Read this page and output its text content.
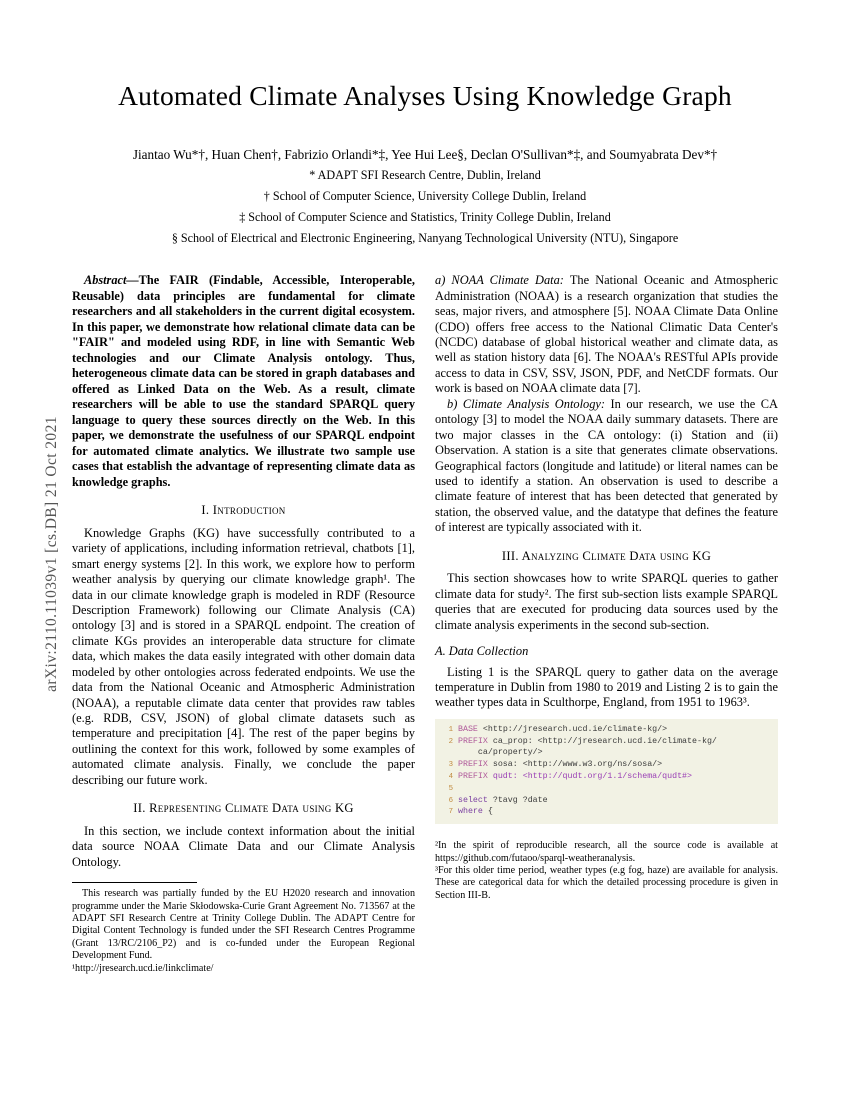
arXiv:2110.11039v1 [cs.DB] 21 Oct 2021
Automated Climate Analyses Using Knowledge Graph
Jiantao Wu*†, Huan Chen†, Fabrizio Orlandi*‡, Yee Hui Lee§, Declan O'Sullivan*‡, and Soumyabrata Dev*†
* ADAPT SFI Research Centre, Dublin, Ireland
† School of Computer Science, University College Dublin, Ireland
‡ School of Computer Science and Statistics, Trinity College Dublin, Ireland
§ School of Electrical and Electronic Engineering, Nanyang Technological University (NTU), Singapore
Abstract—The FAIR (Findable, Accessible, Interoperable, Reusable) data principles are fundamental for climate researchers and all stakeholders in the current digital ecosystem. In this paper, we demonstrate how relational climate data can be "FAIR" and modeled using RDF, in line with Semantic Web technologies and our Climate Analysis ontology. Thus, heterogeneous climate data can be stored in graph databases and offered as Linked Data on the Web. As a result, climate researchers will be able to use the standard SPARQL query language to query these sources directly on the Web. In this paper, we demonstrate the usefulness of our SPARQL endpoint for automated climate analytics. We illustrate two sample use cases that establish the advantage of representing climate data as knowledge graphs.
I. Introduction

Knowledge Graphs (KG) have successfully contributed to a variety of applications, including information retrieval, chatbots [1], smart energy systems [2]. In this work, we explore how to perform weather analysis by querying our climate knowledge graph¹. The data in our climate knowledge graph is modeled in RDF (Resource Description Framework) following our Climate Analysis (CA) ontology [3] and is stored in a SPARQL endpoint. The creation of climate KGs provides an interoperable data structure for climate data, which makes the data easily integrated with other domain data modeled by other ontologies across federated endpoints. We use the data from the National Oceanic and Atmospheric Administration (NOAA), a reputable climate data center that provides raw tables (e.g. RDB, CSV, JSON) of global climate datasets such as temperature and precipitation [4]. The rest of the paper begins by outlining the context for this work, followed by some examples of automated climate analysis. Finally, we conclude the paper describing our future work.

II. Representing Climate Data using KG

In this section, we include context information about the initial data source NOAA Climate Data and our Climate Analysis Ontology.

This research was partially funded by the EU H2020 research and innovation programme under the Marie Skłodowska-Curie Grant Agreement No. 713567 at the ADAPT SFI Research Centre at Trinity College Dublin. The ADAPT Centre for Digital Content Technology is funded under the SFI Research Centres Programme (Grant 13/RC/2106_P2) and is co-funded under the European Regional Development Fund.

¹http://jresearch.ucd.ie/linkclimate/

a) NOAA Climate Data: The National Oceanic and Atmospheric Administration (NOAA) is a research organization that studies the seas, major rivers, and atmosphere [5]. NOAA Climate Data Online (CDO) offers free access to the National Climatic Data Center's (NCDC) database of global historical weather and climate data, as well as station history data [6]. The NOAA's RESTful APIs provide access to data in CSV, SSV, JSON, PDF, and NetCDF formats. Our work is based on NOAA climate data [7].

b) Climate Analysis Ontology: In our research, we use the CA ontology [3] to model the NOAA daily summary datasets. There are two major classes in the CA ontology: (i) Station and (ii) Observation. A station is a site that generates climate observations. Geographical factors (longitude and latitude) or literal names can be used to identify a station. An observation is used to describe a climate feature of interest that has been detected that generated by station, the observed value, and the datatype that defines the feature of interest are typically associated with it.

III. Analyzing Climate Data using KG

This section showcases how to write SPARQL queries to gather climate data for study². The first sub-section lists example SPARQL queries that are executed for producing data sources used by the climate analysis experiments in the second sub-section.

A. Data Collection

Listing 1 is the SPARQL query to gather data on the average temperature in Dublin from 1980 to 2019 and Listing 2 is to gain the weather types data in Sculthorpe, England, from 1951 to 1963³.

1 BASE <http://jresearch.ucd.ie/climate-kg/>
2 PREFIX ca_prop: <http://jresearch.ucd.ie/climate-kg/
ca/property/>
3 PREFIX sosa: <http://www.w3.org/ns/sosa/>
4 PREFIX qudt: <http://qudt.org/1.1/schema/qudt#>
5
6 select ?tavg ?date
7 where {

²In the spirit of reproducible research, all the source code is available at https://github.com/futaoo/sparql-weatheranalysis.

³For this older time period, weather types (e.g fog, haze) are available for analysis. These are categorical data for which the detailed processing procedure is given in Section III-B.
